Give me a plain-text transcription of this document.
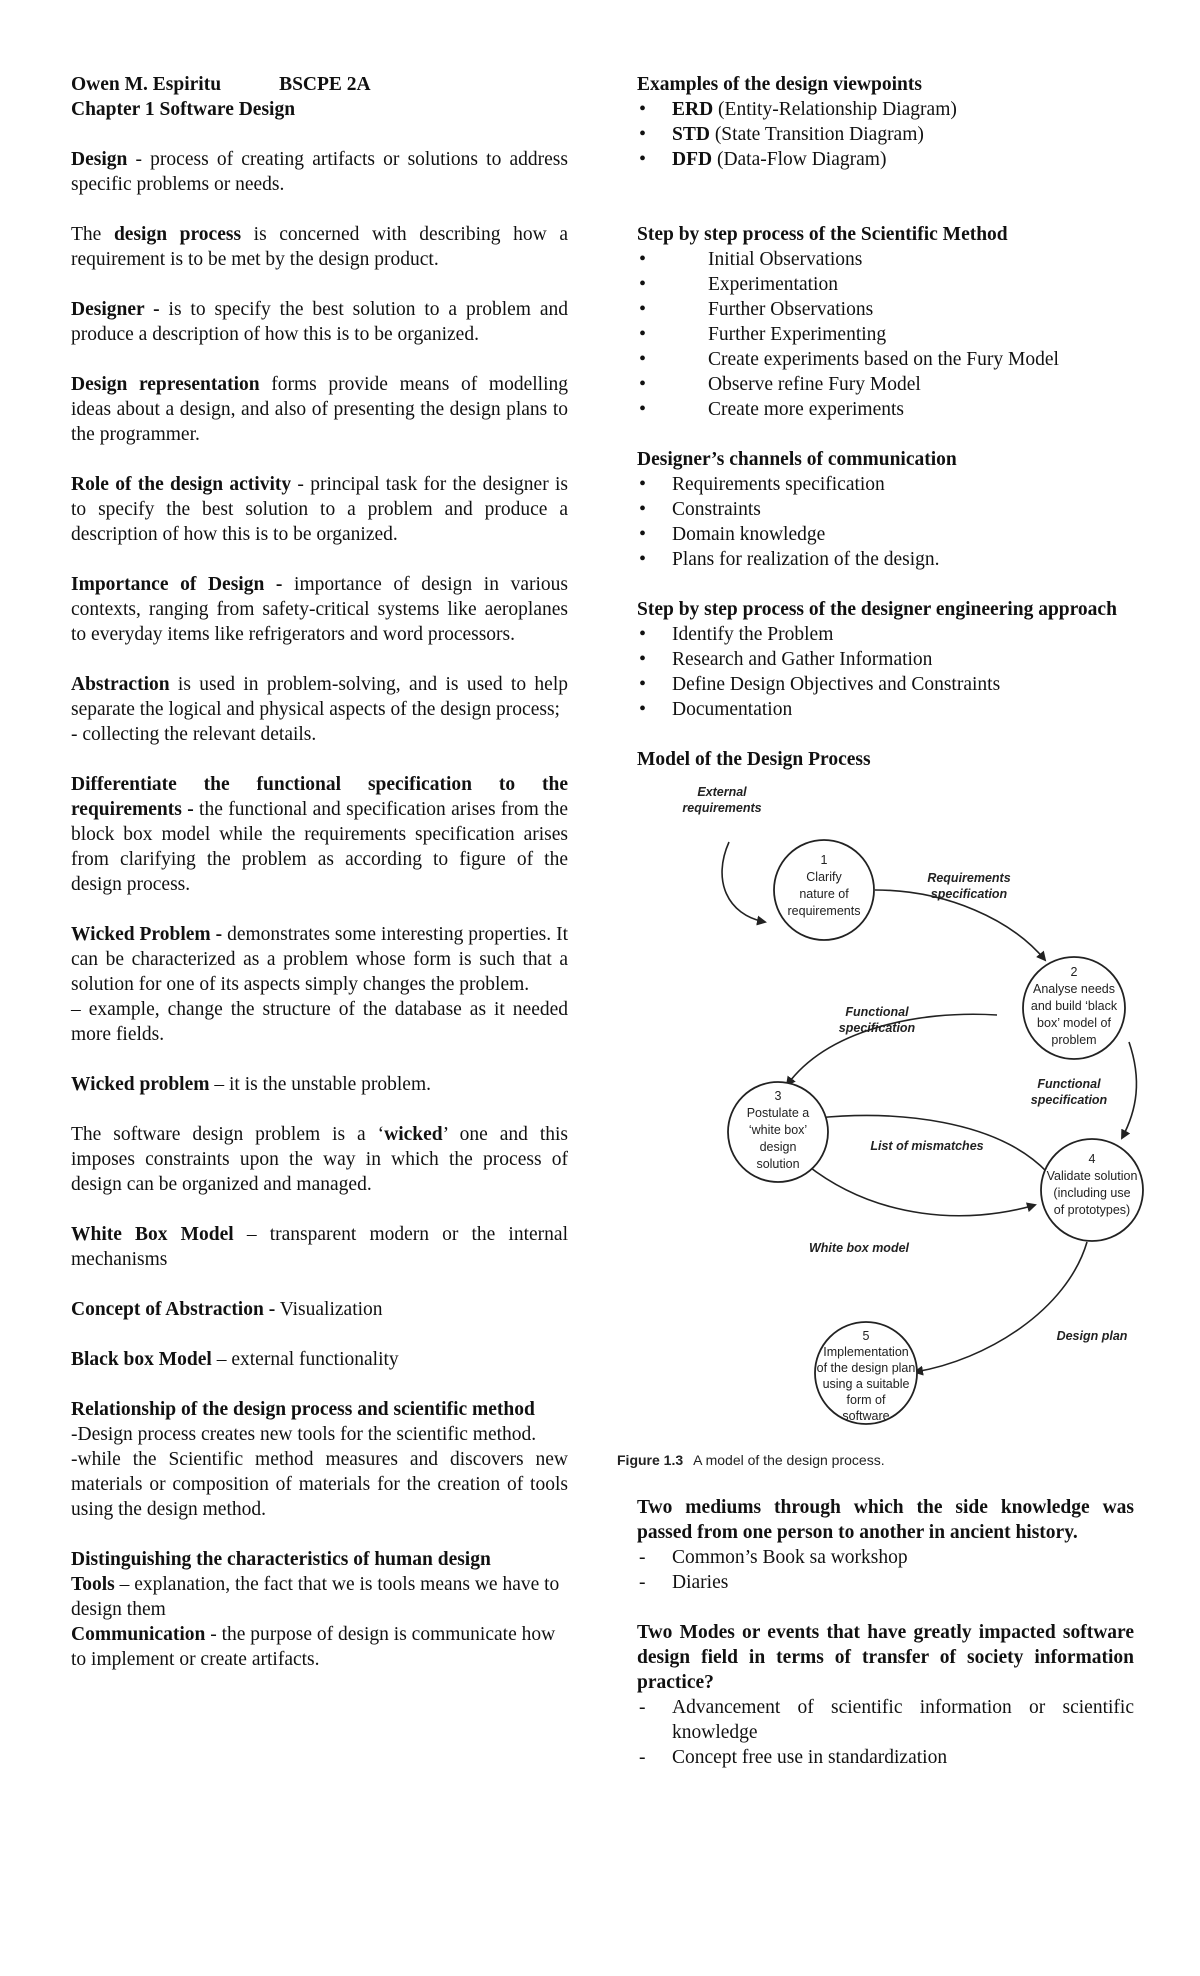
Owen M. Espiritu	BSCPE 2A

Chapter 1 Software Design

Design - process of creating artifacts or solutions to address specific problems or needs.

The design process is concerned with describing how a requirement is to be met by the design product.

Designer - is to specify the best solution to a problem and produce a description of how this is to be organized.

Design representation forms provide means of modelling ideas about a design, and also of presenting the design plans to the programmer.

Role of the design activity - principal task for the designer is to specify the best solution to a problem and produce a description of how this is to be organized.

Importance of Design - importance of design in various contexts, ranging from safety-critical systems like aeroplanes to everyday items like refrigerators and word processors.

Abstraction is used in problem-solving, and is used to help separate the logical and physical aspects of the design process;

- collecting the relevant details.

Differentiate the functional specification to the requirements - the functional and specification arises from the block box model while the requirements specification arises from clarifying the problem as according to figure of the design process.

Wicked Problem - demonstrates some interesting properties. It can be characterized as a problem whose form is such that a solution for one of its aspects simply changes the problem.

– example, change the structure of the database as it needed more fields.

Wicked problem – it is the unstable problem.

The software design problem is a ‘wicked’ one and this imposes constraints upon the way in which the process of design can be organized and managed.

White Box Model – transparent modern or the internal mechanisms

Concept of Abstraction - Visualization

Black box Model – external functionality

Relationship of the design process and scientific method

-Design process creates new tools for the scientific method.

-while the Scientific method measures and discovers new materials or composition of materials for the creation of tools using the design method.

Distinguishing the characteristics of human design

Tools – explanation, the fact that we is tools means we have to design them

Communication - the purpose of design is communicate how to implement or create artifacts.

Examples of the design viewpoints

• ERD (Entity-Relationship Diagram)
• STD (State Transition Diagram)
• DFD (Data-Flow Diagram)

Step by step process of the Scientific Method

• Initial Observations
• Experimentation
• Further Observations
• Further Experimenting
• Create experiments based on the Fury Model
• Observe refine Fury Model
• Create more experiments

Designer’s channels of communication

• Requirements specification
• Constraints
• Domain knowledge
• Plans for realization of the design.

Step by step process of the designer engineering approach

• Identify the Problem
• Research and Gather Information
• Define Design Objectives and Constraints
• Documentation

Model of the Design Process

1
Clarify
nature of
requirements
2
Analyse needs
and build ‘black
box’ model of
problem
3
Postulate a
‘white box’
design
solution	4
Validate solution
(including use
of prototypes)
5
Implementation
of the design plan
using a suitable
form of
software
External
requirements
Requirements
specification
Functional
specification
Functional
specification
List of mismatches
White box model
Design plan
Figure 1.3 A model of the design process.

Two mediums through which the side knowledge was passed from one person to another in ancient history.

- Common’s Book sa workshop
- Diaries

Two Modes or events that have greatly impacted software design field in terms of transfer of society information practice?

- Advancement of scientific information or scientific knowledge
- Concept free use in standardization
